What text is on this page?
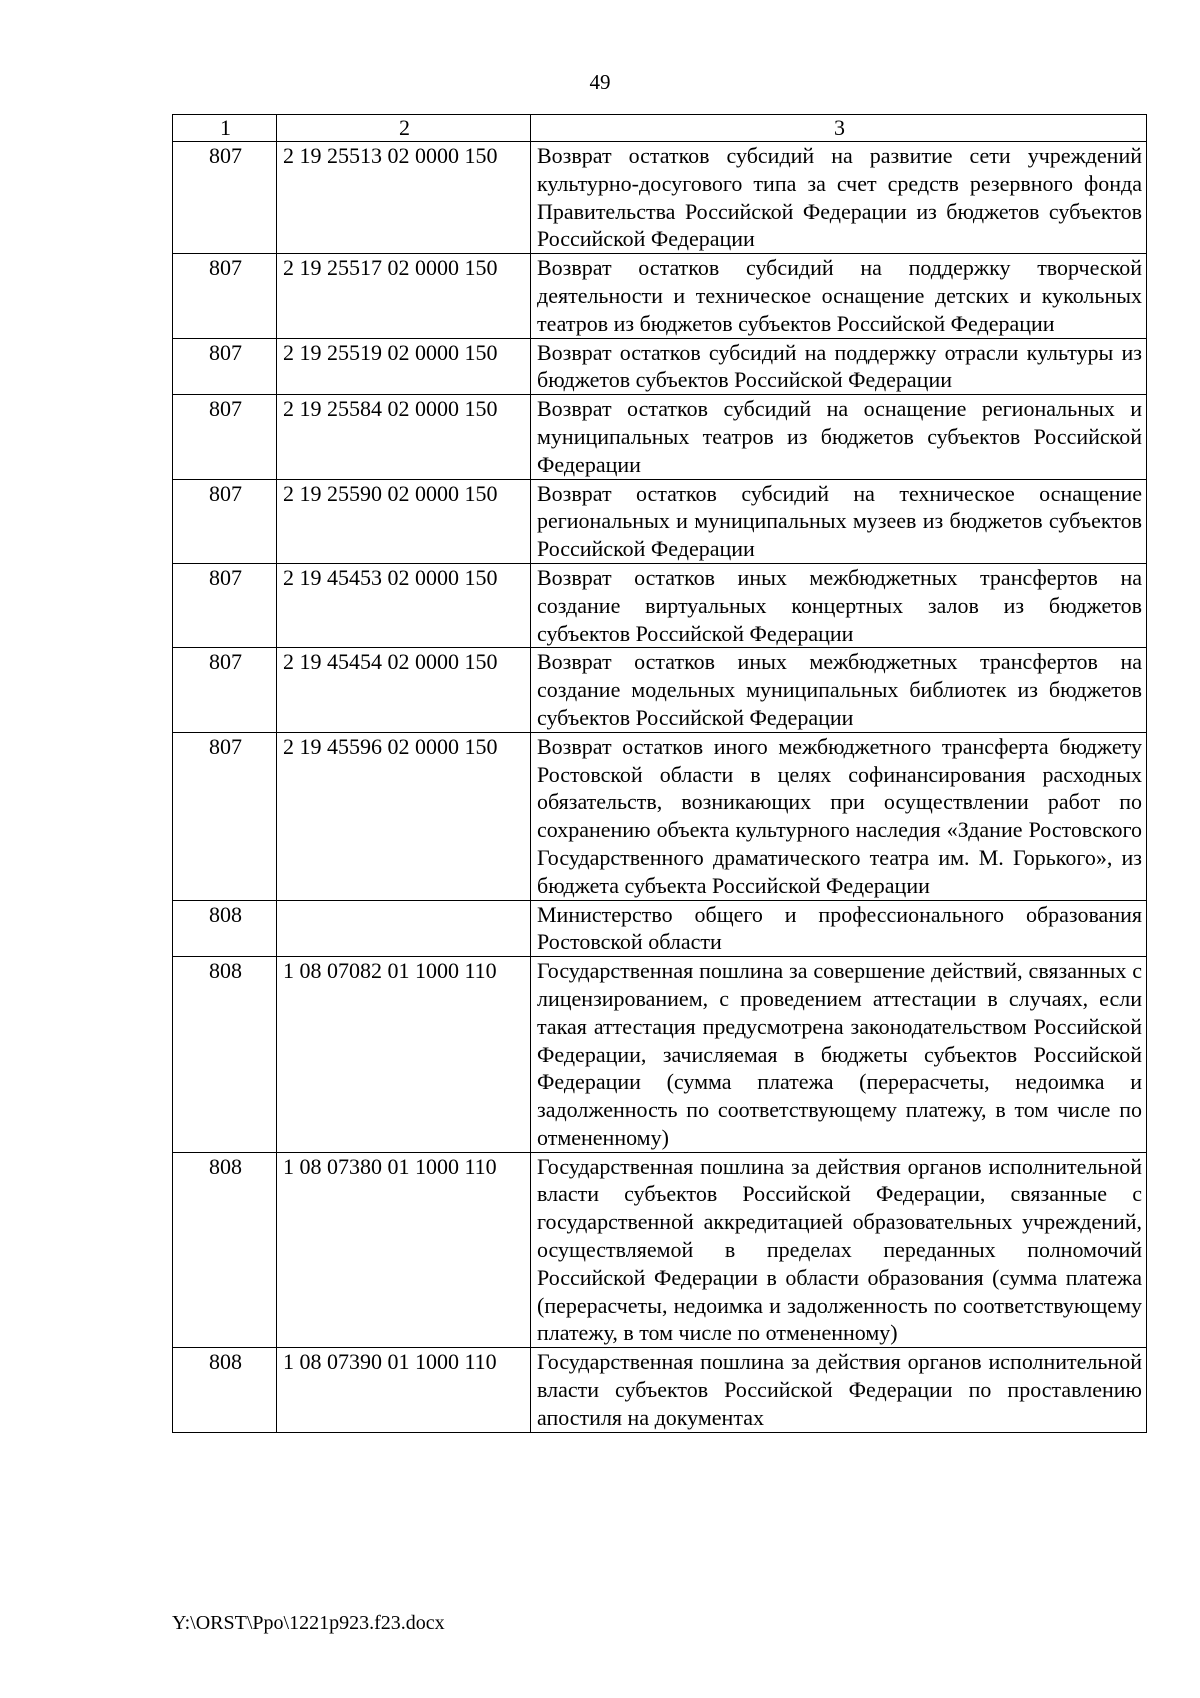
49
1	2	3
807	2 19 25513 02 0000 150	Возврат остатков субсидий на развитие сети учреждений культурно-досугового типа за счет средств резервного фонда Правительства Российской Федерации из бюджетов субъектов Российской Федерации
807	2 19 25517 02 0000 150	Возврат остатков субсидий на поддержку творческой деятельности и техническое оснащение детских и кукольных театров из бюджетов субъектов Российской Федерации
807	2 19 25519 02 0000 150	Возврат остатков субсидий на поддержку отрасли культуры из бюджетов субъектов Российской Федерации
807	2 19 25584 02 0000 150	Возврат остатков субсидий на оснащение региональных и муниципальных театров из бюджетов субъектов Российской Федерации
807	2 19 25590 02 0000 150	Возврат остатков субсидий на техническое оснащение региональных и муниципальных музеев из бюджетов субъектов Российской Федерации
807	2 19 45453 02 0000 150	Возврат остатков иных межбюджетных трансфертов на создание виртуальных концертных залов из бюджетов субъектов Российской Федерации
807	2 19 45454 02 0000 150	Возврат остатков иных межбюджетных трансфертов на создание модельных муниципальных библиотек из бюджетов субъектов Российской Федерации
807	2 19 45596 02 0000 150	Возврат остатков иного межбюджетного трансферта бюджету Ростовской области в целях софинансирования расходных обязательств, возникающих при осуществлении работ по сохранению объекта культурного наследия «Здание Ростовского Государственного драматического театра им. М. Горького», из бюджета субъекта Российской Федерации
808		Министерство общего и профессионального образования Ростовской области
808	1 08 07082 01 1000 110	Государственная пошлина за совершение действий, связанных с лицензированием, с проведением аттестации в случаях, если такая аттестация предусмотрена законодательством Российской Федерации, зачисляемая в бюджеты субъектов Российской Федерации (сумма платежа (перерасчеты, недоимка и задолженность по соответствующему платежу, в том числе по отмененному)
808	1 08 07380 01 1000 110	Государственная пошлина за действия органов исполнительной власти субъектов Российской Федерации, связанные с государственной аккредитацией образовательных учреждений, осуществляемой в пределах переданных полномочий Российской Федерации в области образования (сумма платежа (перерасчеты, недоимка и задолженность по соответствующему платежу, в том числе по отмененному)
808	1 08 07390 01 1000 110	Государственная пошлина за действия органов исполнительной власти субъектов Российской Федерации по проставлению апостиля на документах
Y:\ORST\Ppo\1221p923.f23.docx
